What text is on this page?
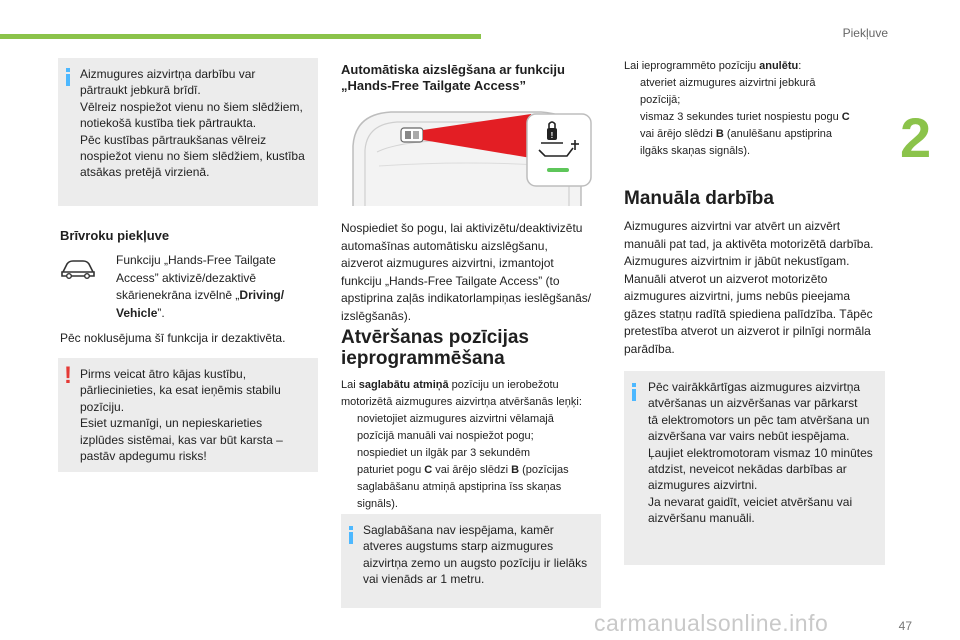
Piekļuve
2
Aizmugures aizvirtņa darbību var
pārtraukt jebkurā brīdī.
Vēlreiz nospiežot vienu no šiem slēdžiem,
notiekošā kustība tiek pārtraukta.
Pēc kustības pārtraukšanas vēlreiz
nospiežot vienu no šiem slēdžiem, kustība
atsākas pretējā virzienā.
Brīvroku piekļuve
Funkciju „Hands-Free Tailgate
Access” aktivizē/dezaktivē
skārienekrāna izvēlnē „Driving/
Vehicle”.
Pēc noklusējuma šī funkcija ir dezaktivēta.
! Pirms veicat ātro kājas kustību,
pārliecinieties, ka esat ieņēmis stabilu
pozīciju.
Esiet uzmanīgi, un nepieskarieties
izplūdes sistēmai, kas var būt karsta –
pastāv apdegumu risks!
Automātiska aizslēgšana ar funkciju
„Hands-Free Tailgate Access”
!
Nospiediet šo pogu, lai aktivizētu/deaktivizētu
automašīnas automātisku aizslēgšanu,
aizverot aizmugures aizvirtni, izmantojot
funkciju „Hands-Free Tailgate Access” (to
apstiprina zaļās indikatorlampiņas ieslēgšanās/
izslēgšanās).
Atvēršanas pozīcijas
ieprogrammēšana
Lai saglabātu atmiņā pozīciju un ierobežotu
motorizētā aizmugures aizvirtņa atvēršanās leņķi:
novietojiet aizmugures aizvirtni vēlamajā
pozīcijā manuāli vai nospiežot pogu;
nospiediet un ilgāk par 3 sekundēm
paturiet pogu C vai ārējo slēdzi B (pozīcijas
saglabāšanu atmiņā apstiprina īss skaņas
signāls).
Saglabāšana nav iespējama, kamēr
atveres augstums starp aizmugures
aizvirtņa zemo un augsto pozīciju ir lielāks
vai vienāds ar 1 metru.
Lai ieprogrammēto pozīciju anulētu:
atveriet aizmugures aizvirtni jebkurā
pozīcijā;
vismaz 3 sekundes turiet nospiestu pogu C
vai ārējo slēdzi B (anulēšanu apstiprina
ilgāks skaņas signāls).
Manuāla darbība
Aizmugures aizvirtni var atvērt un aizvērt
manuāli pat tad, ja aktivēta motorizētā darbība.
Aizmugures aizvirtnim ir jābūt nekustīgam.
Manuāli atverot un aizverot motorizēto
aizmugures aizvirtni, jums nebūs pieejama
gāzes statņu radītā spiediena palīdzība. Tāpēc
pretestība atverot un aizverot ir pilnīgi normāla
parādība.
Pēc vairākkārtīgas aizmugures aizvirtņa
atvēršanas un aizvēršanas var pārkarst
tā elektromotors un pēc tam atvēršana un
aizvēršana var vairs nebūt iespējama.
Ļaujiet elektromotoram vismaz 10 minūtes
atdzist, neveicot nekādas darbības ar
aizmugures aizvirtni.
Ja nevarat gaidīt, veiciet atvēršanu vai
aizvēršanu manuāli.
carmanualsonline.info	47
